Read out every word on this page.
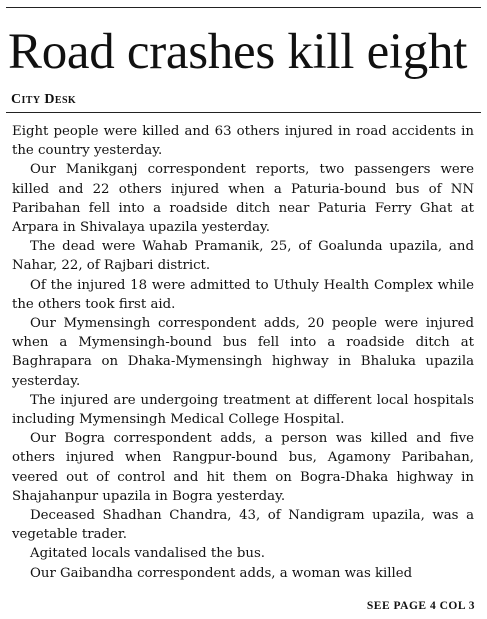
Road crashes kill eight
City Desk

Eight people were killed and 63 others injured in road accidents in the country yesterday.

Our Manikganj correspondent reports, two passengers were killed and 22 others injured when a Paturia-bound bus of NN Paribahan fell into a roadside ditch near Paturia Ferry Ghat at Arpara in Shivalaya upazila yesterday.

The dead were Wahab Pramanik, 25, of Goalunda upazila, and Nahar, 22, of Rajbari district.

Of the injured 18 were admitted to Uthuly Health Complex while the others took first aid.

Our Mymensingh correspondent adds, 20 people were injured when a Mymensingh-bound bus fell into a roadside ditch at Baghrapara on Dhaka-Mymensingh highway in Bhaluka upazila yesterday.

The injured are undergoing treatment at different local hospitals including Mymensingh Medical College Hospital.

Our Bogra correspondent adds, a person was killed and five others injured when Rangpur-bound bus, Agamony Paribahan, veered out of control and hit them on Bogra-Dhaka highway in Shajahanpur upazila in Bogra yesterday.

Deceased Shadhan Chandra, 43, of Nandigram upazila, was a vegetable trader.

Agitated locals vandalised the bus.

Our Gaibandha correspondent adds, a woman was killed

SEE PAGE 4 COL 3
